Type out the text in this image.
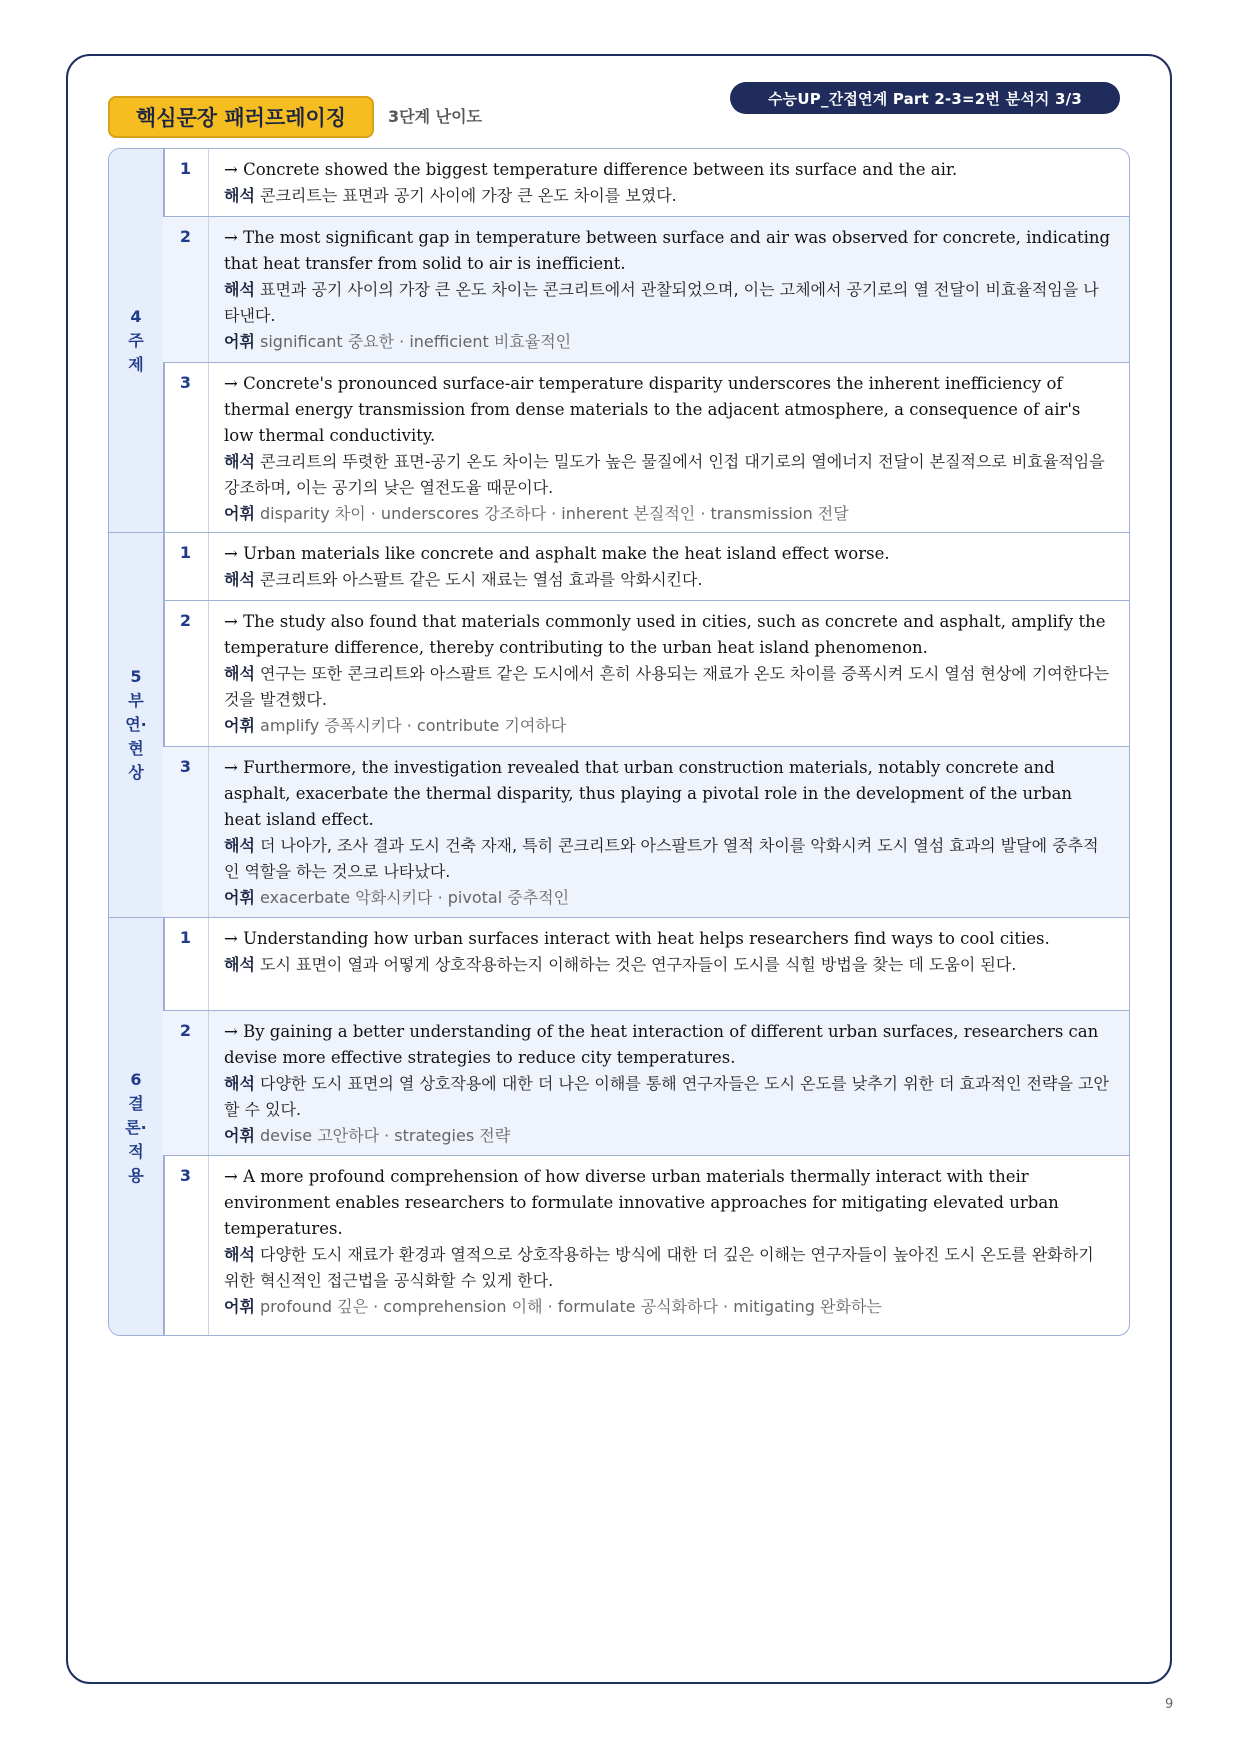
핵심문장 패러프레이징	3단계 난이도
수능UP_간접연계 Part 2-3=2번 분석지 3/3
4
주
제
1	→ Concrete showed the biggest temperature difference between its surface and the air.
해석 콘크리트는 표면과 공기 사이에 가장 큰 온도 차이를 보였다.
2	→ The most significant gap in temperature between surface and air was observed for concrete, indicating that heat transfer from solid to air is inefficient.
해석 표면과 공기 사이의 가장 큰 온도 차이는 콘크리트에서 관찰되었으며, 이는 고체에서 공기로의 열 전달이 비효율적임을 나타낸다.
어휘 significant 중요한 · inefficient 비효율적인
3	→ Concrete's pronounced surface-air temperature disparity underscores the inherent inefficiency of thermal energy transmission from dense materials to the adjacent atmosphere, a consequence of air's low thermal conductivity.
해석 콘크리트의 뚜렷한 표면-공기 온도 차이는 밀도가 높은 물질에서 인접 대기로의 열에너지 전달이 본질적으로 비효율적임을 강조하며, 이는 공기의 낮은 열전도율 때문이다.
어휘 disparity 차이 · underscores 강조하다 · inherent 본질적인 · transmission 전달
5
부
연·
현
상
1	→ Urban materials like concrete and asphalt make the heat island effect worse.
해석 콘크리트와 아스팔트 같은 도시 재료는 열섬 효과를 악화시킨다.
2	→ The study also found that materials commonly used in cities, such as concrete and asphalt, amplify the temperature difference, thereby contributing to the urban heat island phenomenon.
해석 연구는 또한 콘크리트와 아스팔트 같은 도시에서 흔히 사용되는 재료가 온도 차이를 증폭시켜 도시 열섬 현상에 기여한다는 것을 발견했다.
어휘 amplify 증폭시키다 · contribute 기여하다
3	→ Furthermore, the investigation revealed that urban construction materials, notably concrete and asphalt, exacerbate the thermal disparity, thus playing a pivotal role in the development of the urban heat island effect.
해석 더 나아가, 조사 결과 도시 건축 자재, 특히 콘크리트와 아스팔트가 열적 차이를 악화시켜 도시 열섬 효과의 발달에 중추적인 역할을 하는 것으로 나타났다.
어휘 exacerbate 악화시키다 · pivotal 중추적인
6
결
론·
적
용
1	→ Understanding how urban surfaces interact with heat helps researchers find ways to cool cities.
해석 도시 표면이 열과 어떻게 상호작용하는지 이해하는 것은 연구자들이 도시를 식힐 방법을 찾는 데 도움이 된다.
2	→ By gaining a better understanding of the heat interaction of different urban surfaces, researchers can devise more effective strategies to reduce city temperatures.
해석 다양한 도시 표면의 열 상호작용에 대한 더 나은 이해를 통해 연구자들은 도시 온도를 낮추기 위한 더 효과적인 전략을 고안할 수 있다.
어휘 devise 고안하다 · strategies 전략
3	→ A more profound comprehension of how diverse urban materials thermally interact with their environment enables researchers to formulate innovative approaches for mitigating elevated urban temperatures.
해석 다양한 도시 재료가 환경과 열적으로 상호작용하는 방식에 대한 더 깊은 이해는 연구자들이 높아진 도시 온도를 완화하기 위한 혁신적인 접근법을 공식화할 수 있게 한다.
어휘 profound 깊은 · comprehension 이해 · formulate 공식화하다 · mitigating 완화하는
9
